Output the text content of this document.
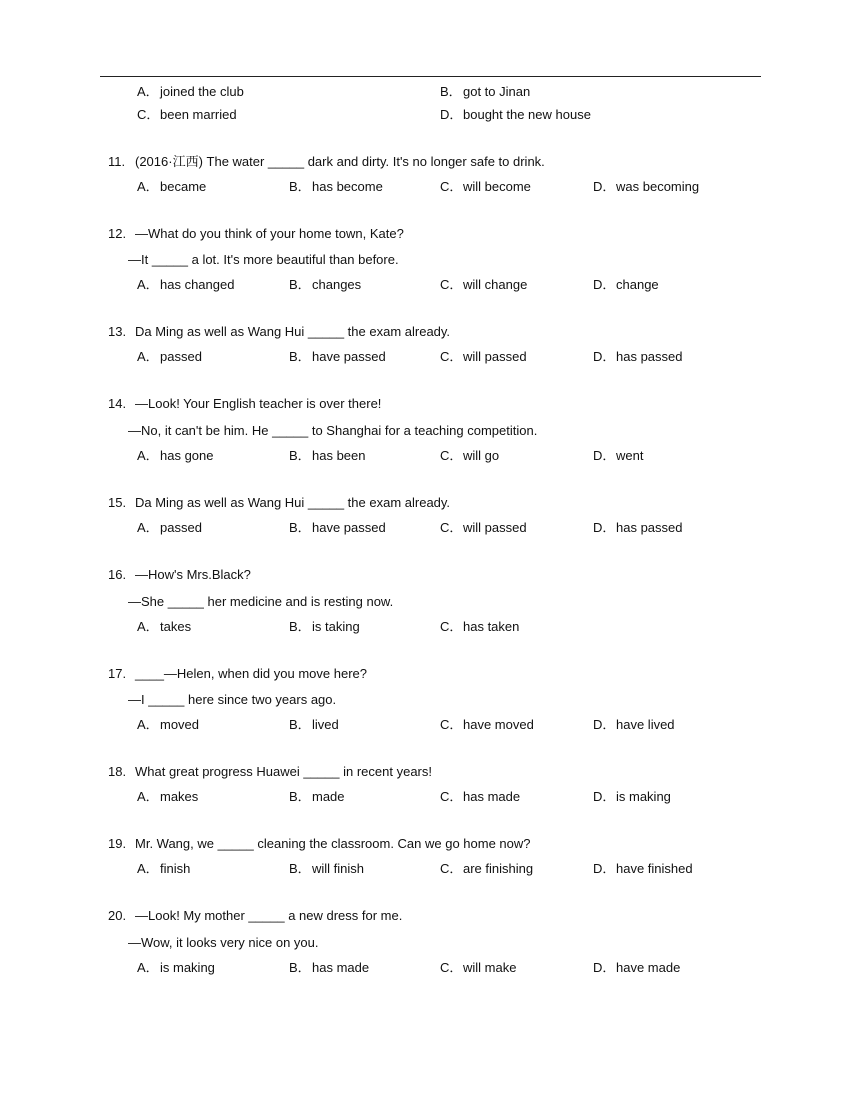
A．joined the club	B．got to Jinan
C．been married	D．bought the new house
11. (2016·江西) The water _____ dark and dirty. It's no longer safe to drink.
A．became	B．has become	C．will become	D．was becoming
12. —What do you think of your home town, Kate?
—It _____ a lot. It's more beautiful than before.
A．has changed	B．changes	C．will change	D．change
13. Da Ming as well as Wang Hui _____ the exam already.
A．passed	B．have passed	C．will passed	D．has passed
14. —Look! Your English teacher is over there!
—No, it can't be him. He _____ to Shanghai for a teaching competition.
A．has gone	B．has been	C．will go	D．went
15. Da Ming as well as Wang Hui _____ the exam already.
A．passed	B．have passed	C．will passed	D．has passed
16. —How's Mrs.Black?
—She _____ her medicine and is resting now.
A．takes	B．is taking	C．has taken
17. ____—Helen, when did you move here?
—I _____ here since two years ago.
A．moved	B．lived	C．have moved	D．have lived
18. What great progress Huawei _____ in recent years!
A．makes	B．made	C．has made	D．is making
19. Mr. Wang, we _____ cleaning the classroom. Can we go home now?
A．finish	B．will finish	C．are finishing	D．have finished
20. —Look! My mother _____ a new dress for me.
—Wow, it looks very nice on you.
A．is making	B．has made	C．will make	D．have made
